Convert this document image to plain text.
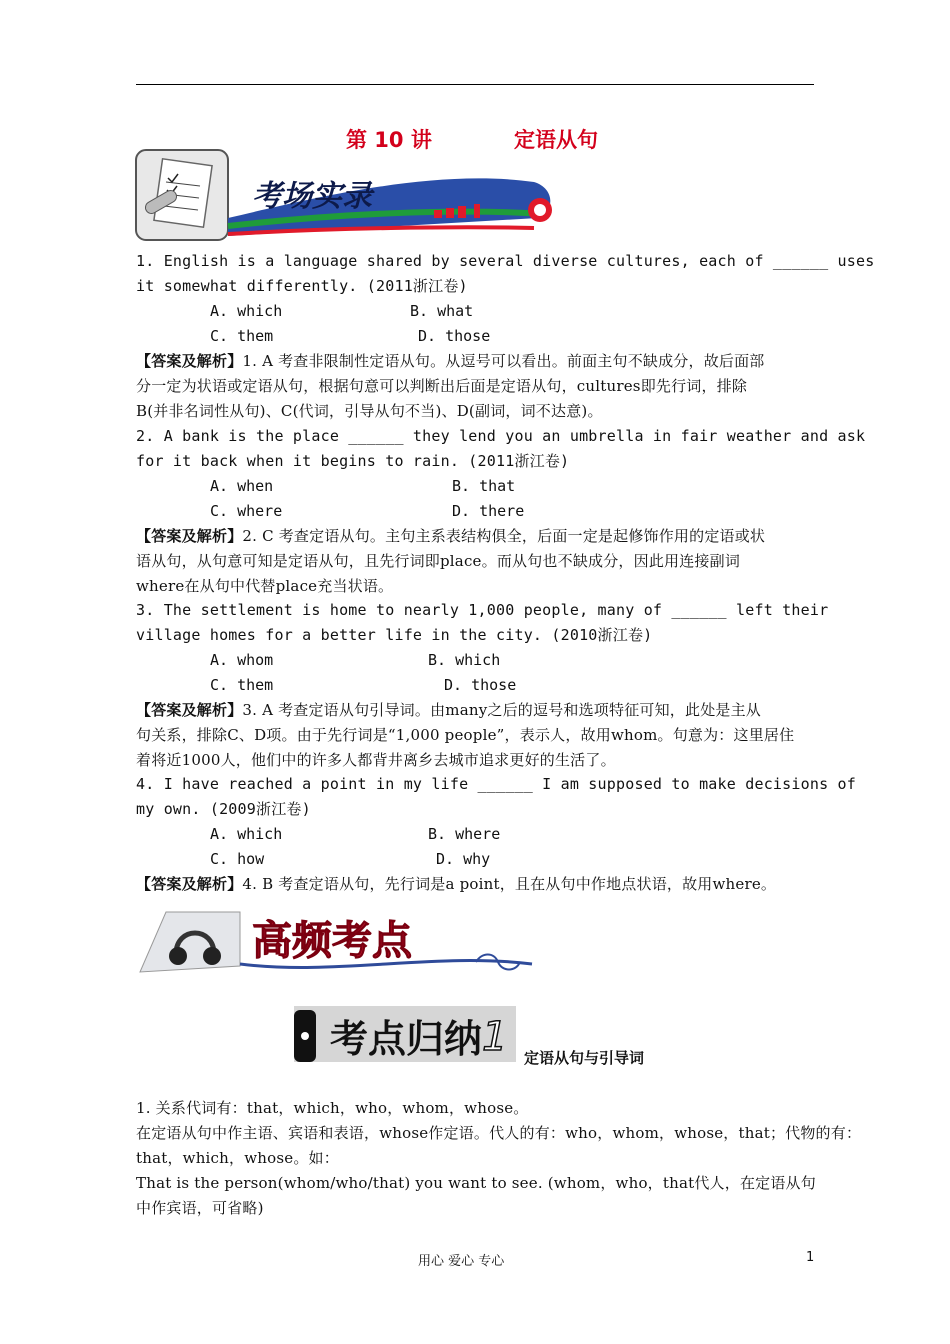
第 10 讲	定语从句
考场实录
1. English is a language shared by several diverse cultures, each of ______ uses
it somewhat differently. (2011浙江卷)
A. which	B. what
C. them	D. those
【答案及解析】1. A 考查非限制性定语从句。从逗号可以看出。前面主句不缺成分，故后面部
分一定为状语或定语从句，根据句意可以判断出后面是定语从句，cultures即先行词，排除
B(并非名词性从句)、C(代词，引导从句不当)、D(副词，词不达意)。
2. A bank is the place ______ they lend you an umbrella in fair weather and ask
for it back when it begins to rain. (2011浙江卷)
A. when	B. that
C. where	D. there
【答案及解析】2. C 考查定语从句。主句主系表结构俱全，后面一定是起修饰作用的定语或状
语从句，从句意可知是定语从句，且先行词即place。而从句也不缺成分，因此用连接副词
where在从句中代替place充当状语。
3. The settlement is home to nearly 1,000 people, many of ______ left their
village homes for a better life in the city. (2010浙江卷)
A. whom	B. which
C. them	D. those
【答案及解析】3. A 考查定语从句引导词。由many之后的逗号和选项特征可知，此处是主从
句关系，排除C、D项。由于先行词是“1,000 people”，表示人，故用whom。句意为：这里居住
着将近1000人，他们中的许多人都背井离乡去城市追求更好的生活了。
4. I have reached a point in my life ______ I am supposed to make decisions of
my own. (2009浙江卷)
A. which	B. where
C. how	D. why
【答案及解析】4. B 考查定语从句，先行词是a point，且在从句中作地点状语，故用where。
高频考点
考点归纳 1 定语从句与引导词
1. 关系代词有：that，which，who，whom，whose。
在定语从句中作主语、宾语和表语，whose作定语。代人的有：who，whom，whose，that；代物的有：
that，which，whose。如：
That is the person(whom/who/that) you want to see. (whom，who，that代人，在定语从句
中作宾语，可省略)
用心 爱心 专心	1
